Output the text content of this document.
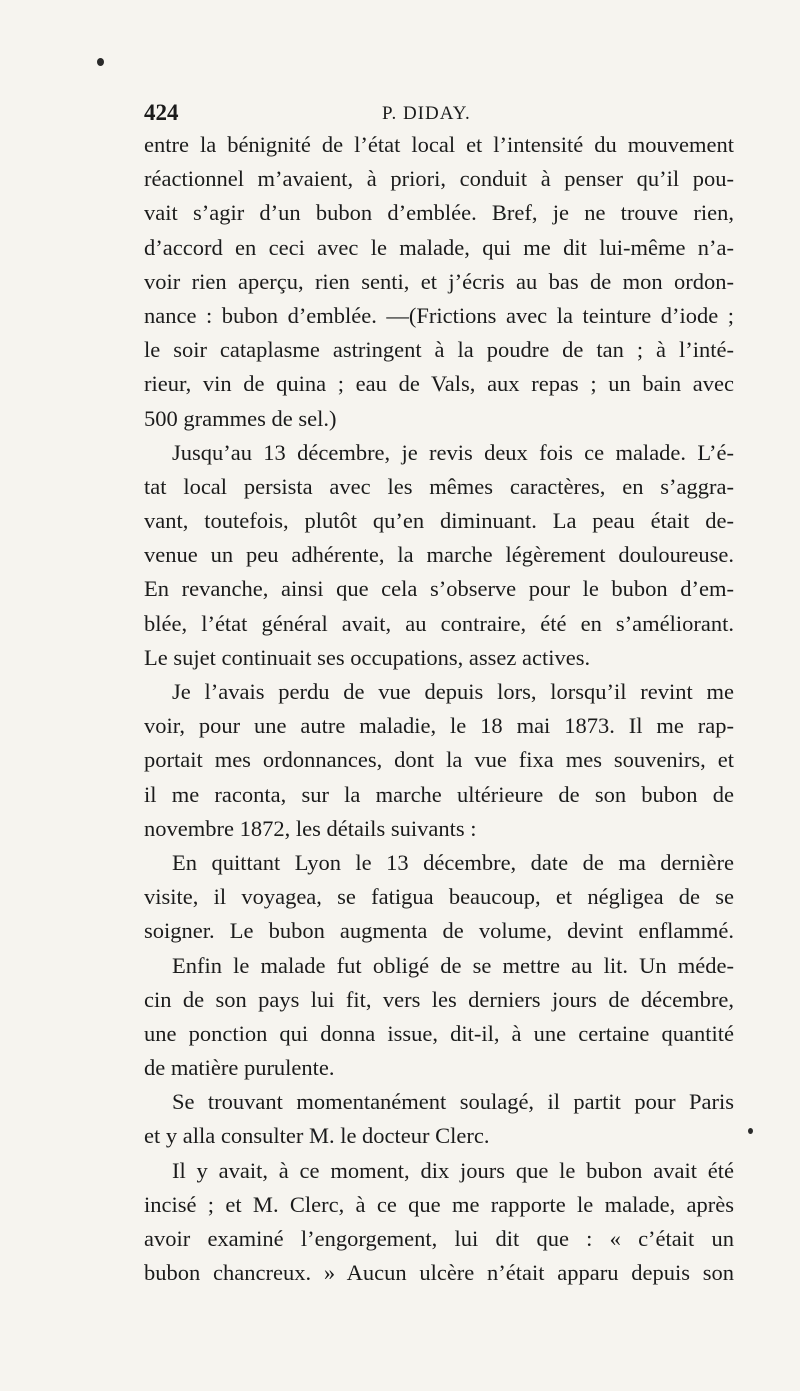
424	P. DIDAY.
entre la bénignité de l’état local et l’intensité du mouvement
réactionnel m’avaient, à priori, conduit à penser qu’il pou-
vait s’agir d’un bubon d’emblée. Bref, je ne trouve rien,
d’accord en ceci avec le malade, qui me dit lui-même n’a-
voir rien aperçu, rien senti, et j’écris au bas de mon ordon-
nance : bubon d’emblée. —(Frictions avec la teinture d’iode ;
le soir cataplasme astringent à la poudre de tan ; à l’inté-
rieur, vin de quina ; eau de Vals, aux repas ; un bain avec
500 grammes de sel.)
Jusqu’au 13 décembre, je revis deux fois ce malade. L’é-
tat local persista avec les mêmes caractères, en s’aggra-
vant, toutefois, plutôt qu’en diminuant. La peau était de-
venue un peu adhérente, la marche légèrement douloureuse.
En revanche, ainsi que cela s’observe pour le bubon d’em-
blée, l’état général avait, au contraire, été en s’améliorant.
Le sujet continuait ses occupations, assez actives.
Je l’avais perdu de vue depuis lors, lorsqu’il revint me
voir, pour une autre maladie, le 18 mai 1873. Il me rap-
portait mes ordonnances, dont la vue fixa mes souvenirs, et
il me raconta, sur la marche ultérieure de son bubon de
novembre 1872, les détails suivants :
En quittant Lyon le 13 décembre, date de ma dernière
visite, il voyagea, se fatigua beaucoup, et négligea de se
soigner. Le bubon augmenta de volume, devint enflammé.
Enfin le malade fut obligé de se mettre au lit. Un méde-
cin de son pays lui fit, vers les derniers jours de décembre,
une ponction qui donna issue, dit-il, à une certaine quantité
de matière purulente.
Se trouvant momentanément soulagé, il partit pour Paris
et y alla consulter M. le docteur Clerc.
Il y avait, à ce moment, dix jours que le bubon avait été
incisé ; et M. Clerc, à ce que me rapporte le malade, après
avoir examiné l’engorgement, lui dit que : « c’était un
bubon chancreux. » Aucun ulcère n’était apparu depuis son
